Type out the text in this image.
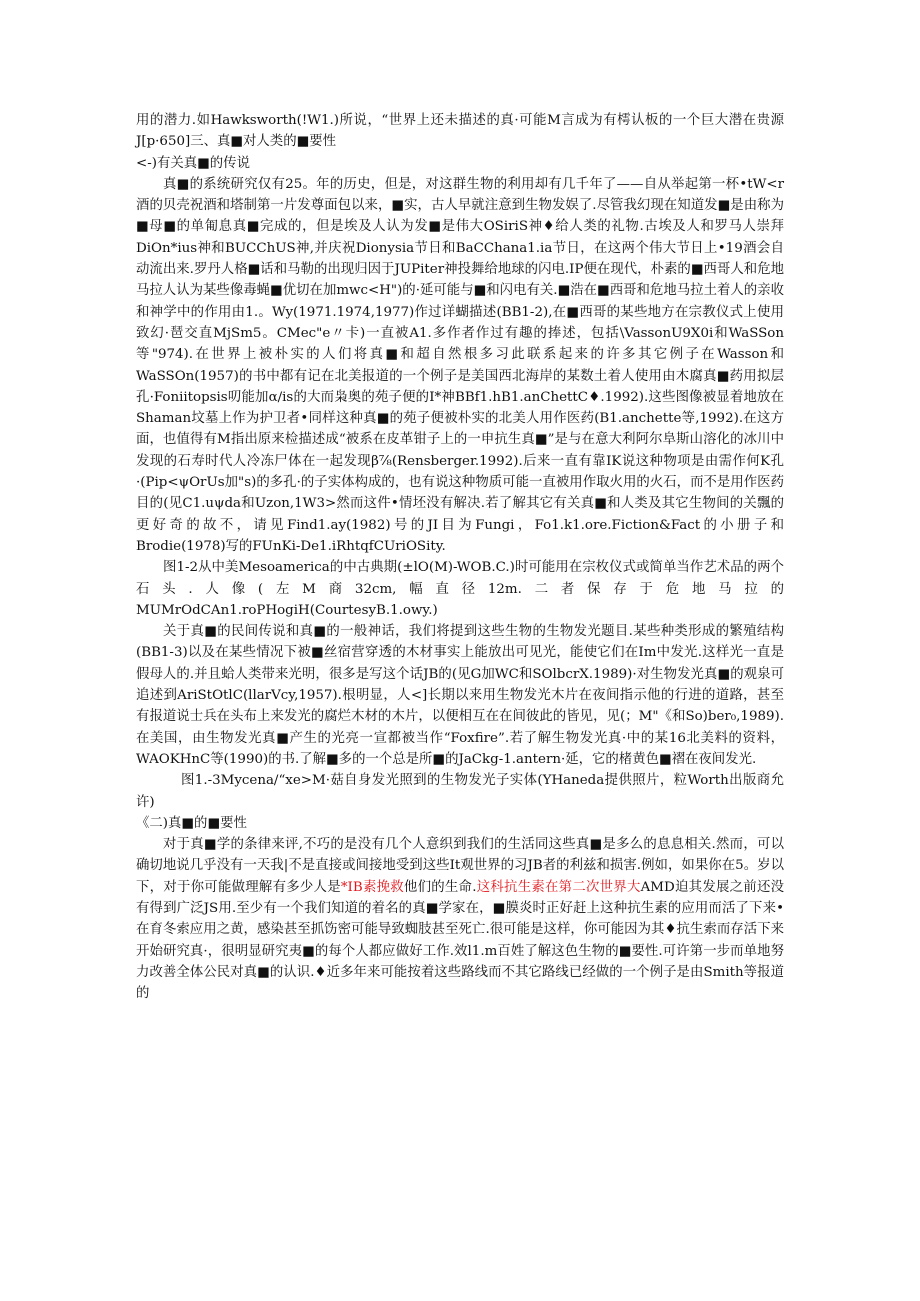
用的潜力.如Hawksworth(!W1.)所说，“世界上还未描述的真·可能M言成为有樗认板的一个巨大潜在贵源J[p·650]三、真■对人类的■要性

<-)有关真■的传说

真■的系统研究仅有25。年的历史，但是，对这群生物的利用却有几千年了——自从举起第一杯•tW<r酒的贝壳祝酒和塔制第一片发尊面包以来，■实，古人早就注意到生物发娱了.尽管我幻现在知道发■是由称为■母■的单匍息真■完成的，但是埃及人认为发■是伟大OSiriS神♦给人类的礼物.古埃及人和罗马人崇拜DiOn*ius神和BUCChUS神,并庆祝Dionysia节日和BaCChana1.ia节日，在这两个伟大节日上•19酒会自动流出来.罗丹人格■话和马勒的出现归因于JUPiter神投舞给地球的闪电.IP便在现代，朴素的■西哥人和危地马拉人认为某些像毒蝇■优切在加mwc<H")的·延可能与■和闪电有关.■浩在■西哥和危地马拉土着人的亲收和神学中的作用由1.。Wy(1971.1974,1977)作过详蝴描述(BB1-2),在■西哥的某些地方在宗教仪式上使用致幻·琶交直MjSm5。CMec"e〃卡)一直被A1.多作者作过有趣的捧述，包括\VassonU9X0i和WaSSon等"974).在世界上被朴实的人们将真■和超自然根多习此联系起来的许多其它例子在Wasson和WaSSOn(1957)的书中都有记在北美报道的一个例子是美国西北海岸的某数土着人使用由木腐真■药用拟层孔·Foniitopsis叨能加α/is的大而枭奥的苑子便的I*神BBf1.hB1.anChettC♦.1992).这些图像被显着地放在Shaman坟墓上作为护卫者•同样这种真■的苑子便被朴实的北美人用作医药(B1.anchette等,1992).在这方面，也值得有M指出原来检描述成“被系在皮革钳子上的一申抗生真■”是与在意大利阿尔阜斯山溶化的冰川中发现的石寿时代人冷冻尸体在一起发现β⅞(Rensberger.1992).后来一直有靠IK说这种物项是由需作何K孔·(Pip<ψOrUs加"s)的多孔·的子实体构成的，也有说这种物质可能一直被用作取火用的火石，而不是用作医药目的(见C1.uψda和Uzon,1W3>然而这件•情坯没有解决.若了解其它有关真■和人类及其它生物间的关飄的更好奇的故不，请见Find1.ay(1982)号的JI目为Fungi，Fo1.k1.ore.Fiction&Fact的小册子和Brodie(1978)写的FUnKi-De1.iRhtqfCUriOSity.

图1-2从中美Mesoamerica的中古典期(±lO(M)-WOB.C.)时可能用在宗枚仪式或简单当作艺术品的两个石头.人像(左M商32cm,幅直径12m.二者保存于危地马拉的MUMrOdCAn1.roPHogiH(CourtesyB.1.owy.)

关于真■的民间传说和真■的一般神话，我们将提到这些生物的生物发光题目.某些种类形成的繁殖结构(BB1-3)以及在某些情况下被■丝宿营穿透的木材事实上能放出可见光，能使它们在Im中发光.这样光一直是假母人的.并且蛤人类带来光明，很多是写这个话JB的(见G加WC和SOlbcrX.1989)·对生物发光真■的观泉可追述到AriStOtlC(llarVcy,1957).根明显，人<]长期以来用生物发光木片在夜间指示他的行进的道路，甚至有报道说士兵在头布上来发光的腐烂木材的木片，以便相互在在间彼此的皆见，见(；M"《和So)ber₀,1989).在美国，由生物发光真■产生的光亮一宣都被当作“Foxfire”.若了解生物发光真·中的某16北美料的资料，WAOKHnC等(1990)的书.了解■多的一个总是所■的JaCkg-1.antern·延，它的楮黄色■褶在夜间发光.

图1.-3Mycena/“xe>M·菇自身发光照到的生物发光子实体(YHaneda提供照片，粒Worth出版商允许)

《二)真■的■要性

对于真■学的条律来评,不巧的是没有几个人意织到我们的生活同这些真■是多么的息息相关.然而，可以确切地说几乎没有一天我|不是直接或间接地受到这些It观世界的习JB者的利兹和损害.例如，如果你在5。岁以下，对于你可能做理解有多少人是*IB素挽救他们的生命.这科抗生素在第二次世界大AMD迫其发展之前还没有得到广泛JS用.至少有一个我们知道的着名的真■学家在，■膜炎时正好赶上这种抗生素的应用而活了下来•在育冬索应用之黄，感染甚至抓饬密可能导致蜘肢甚至死亡.很可能是这样，你可能因为其♦抗生索而存活下来开始研究真·，很明显研究夷■的每个人都应做好工作.效l1.m百姓了解这色生物的■要性.可许第一步而单地努力改善全体公民对真■的认识.♦近多年来可能按着这些路线而不其它路线已经做的一个例子是由Smith等报道的
